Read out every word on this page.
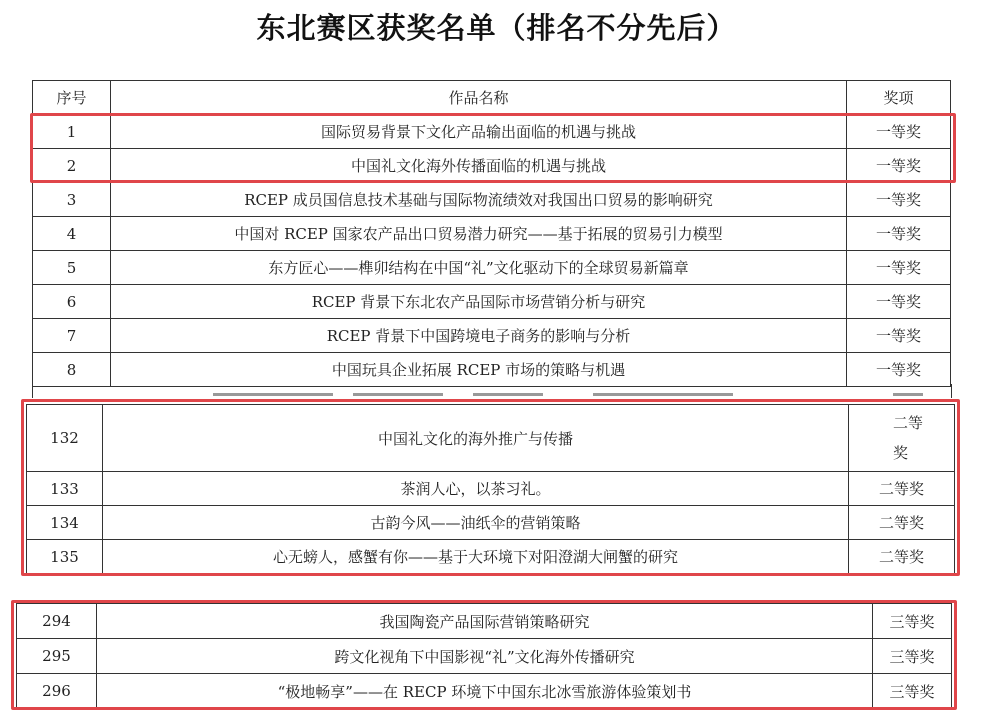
东北赛区获奖名单（排名不分先后）
序号	作品名称	奖项
1	国际贸易背景下文化产品输出面临的机遇与挑战	一等奖
2	中国礼文化海外传播面临的机遇与挑战	一等奖
3	RCEP 成员国信息技术基础与国际物流绩效对我国出口贸易的影响研究	一等奖
4	中国对 RCEP 国家农产品出口贸易潜力研究——基于拓展的贸易引力模型	一等奖
5	东方匠心——榫卯结构在中国“礼”文化驱动下的全球贸易新篇章	一等奖
6	RCEP 背景下东北农产品国际市场营销分析与研究	一等奖
7	RCEP 背景下中国跨境电子商务的影响与分析	一等奖
8	中国玩具企业拓展 RCEP 市场的策略与机遇	一等奖
132	中国礼文化的海外推广与传播	二等
奖

133	茶润人心，以茶习礼。	二等奖
134	古韵今风——油纸伞的营销策略	二等奖
135	心无螃人，感蟹有你——基于大环境下对阳澄湖大闸蟹的研究	二等奖
294	我国陶瓷产品国际营销策略研究	三等奖
295	跨文化视角下中国影视“礼”文化海外传播研究	三等奖
296	“极地畅享”——在 RECP 环境下中国东北冰雪旅游体验策划书	三等奖
